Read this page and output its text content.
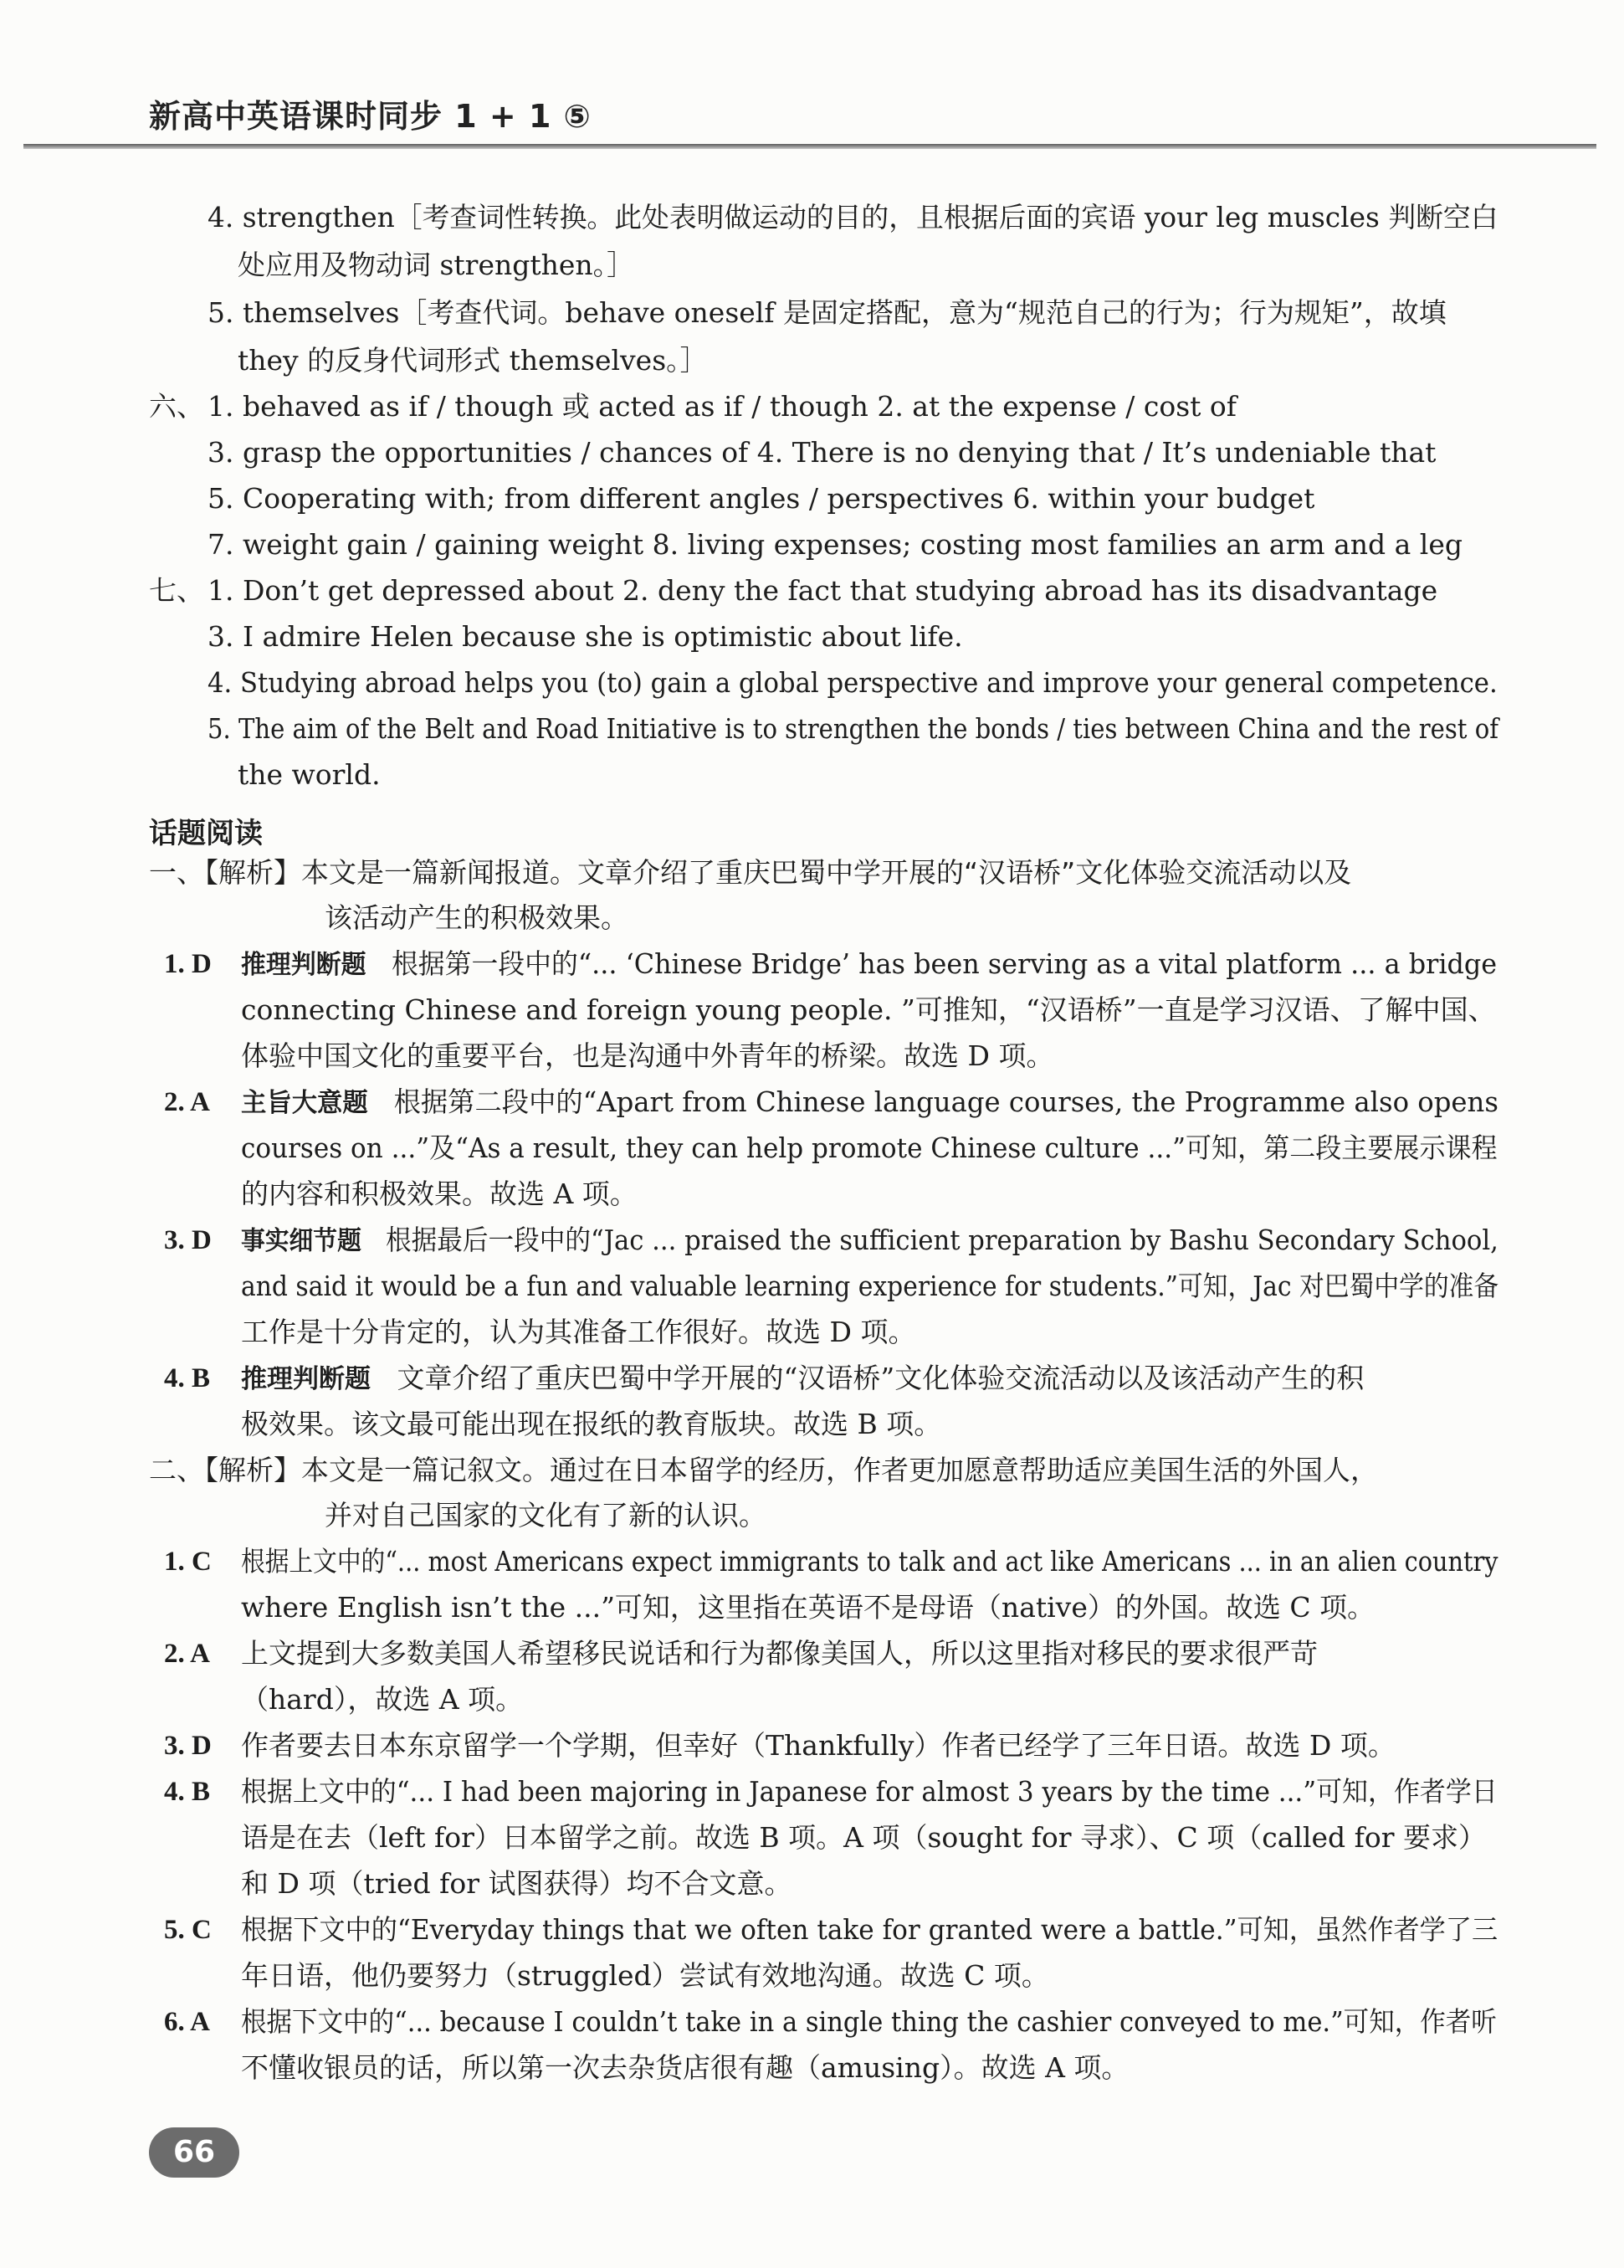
新高中英语课时同步 1 + 1 ⑤
4. strengthen［考查词性转换。此处表明做运动的目的，且根据后面的宾语 your leg muscles 判断空白
处应用及物动词 strengthen。］
5. themselves［考查代词。behave oneself 是固定搭配，意为“规范自己的行为；行为规矩”，故填
they 的反身代词形式 themselves。］
六、 1. behaved as if / though 或 acted as if / though 2. at the expense / cost of
3. grasp the opportunities / chances of 4. There is no denying that / It’s undeniable that
5. Cooperating with; from different angles / perspectives 6. within your budget
7. weight gain / gaining weight 8. living expenses; costing most families an arm and a leg
七、 1. Don’t get depressed about 2. deny the fact that studying abroad has its disadvantage
3. I admire Helen because she is optimistic about life.
4. Studying abroad helps you (to) gain a global perspective and improve your general competence.
5. The aim of the Belt and Road Initiative is to strengthen the bonds / ties between China and the rest of
the world.
话题阅读
一、
【解析】本文是一篇新闻报道。文章介绍了重庆巴蜀中学开展的“汉语桥”文化体验交流活动以及
该活动产生的积极效果。
1. D 推理判断题 根据第一段中的“... ‘Chinese Bridge’ has been serving as a vital platform ... a bridge
connecting Chinese and foreign young people. ”可推知，“汉语桥”一直是学习汉语、了解中国、
体验中国文化的重要平台，也是沟通中外青年的桥梁。故选 D 项。
2. A 主旨大意题 根据第二段中的“Apart from Chinese language courses, the Programme also opens
courses on ...”及“As a result, they can help promote Chinese culture ...”可知，第二段主要展示课程
的内容和积极效果。故选 A 项。
3. D 事实细节题 根据最后一段中的“Jac ... praised the sufficient preparation by Bashu Secondary School,
and said it would be a fun and valuable learning experience for students.”可知，Jac 对巴蜀中学的准备
工作是十分肯定的，认为其准备工作很好。故选 D 项。
4. B 推理判断题 文章介绍了重庆巴蜀中学开展的“汉语桥”文化体验交流活动以及该活动产生的积
极效果。该文最可能出现在报纸的教育版块。故选 B 项。
二、
【解析】本文是一篇记叙文。通过在日本留学的经历，作者更加愿意帮助适应美国生活的外国人，
并对自己国家的文化有了新的认识。
1. C 根据上文中的“... most Americans expect immigrants to talk and act like Americans ... in an alien country
where English isn’t the ...”可知，这里指在英语不是母语（native）的外国。故选 C 项。
2. A 上文提到大多数美国人希望移民说话和行为都像美国人，所以这里指对移民的要求很严苛
（hard），故选 A 项。
3. D 作者要去日本东京留学一个学期，但幸好（Thankfully）作者已经学了三年日语。故选 D 项。
4. B 根据上文中的“... I had been majoring in Japanese for almost 3 years by the time ...”可知，作者学日
语是在去（left for）日本留学之前。故选 B 项。A 项（sought for 寻求）、C 项（called for 要求）
和 D 项（tried for 试图获得）均不合文意。
5. C 根据下文中的“Everyday things that we often take for granted were a battle.”可知，虽然作者学了三
年日语，他仍要努力（struggled）尝试有效地沟通。故选 C 项。
6. A 根据下文中的“... because I couldn’t take in a single thing the cashier conveyed to me.”可知，作者听
不懂收银员的话，所以第一次去杂货店很有趣（amusing）。故选 A 项。
66
